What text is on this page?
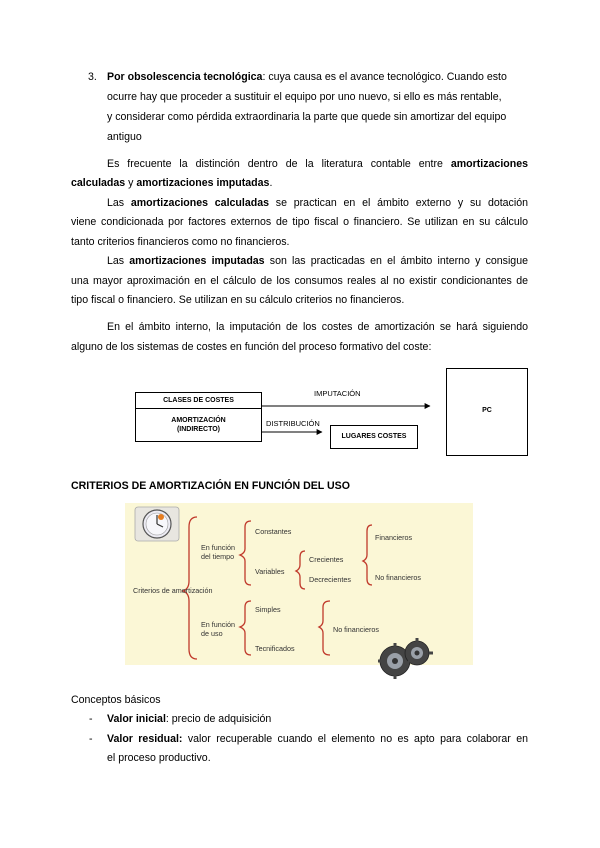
3. Por obsolescencia tecnológica: cuya causa es el avance tecnológico. Cuando esto
ocurre hay que proceder a sustituir el equipo por uno nuevo, si ello es más rentable,
y considerar como pérdida extraordinaria la parte que quede sin amortizar del equipo
antiguo
Es frecuente la distinción dentro de la literatura contable entre amortizaciones
calculadas y amortizaciones imputadas.
Las amortizaciones calculadas se practican en el ámbito externo y su dotación
viene condicionada por factores externos de tipo fiscal o financiero. Se utilizan en su cálculo
tanto criterios financieros como no financieros.
Las amortizaciones imputadas son las practicadas en el ámbito interno y consigue
una mayor aproximación en el cálculo de los consumos reales al no existir condicionantes de
tipo fiscal o financiero. Se utilizan en su cálculo criterios no financieros.
En el ámbito interno, la imputación de los costes de amortización se hará siguiendo
alguno de los sistemas de costes en función del proceso formativo del coste:
CLASES DE COSTES
AMORTIZACIÓN
(INDIRECTO)
IMPUTACIÓN
DISTRIBUCIÓN
LUGARES COSTES
PC
CRITERIOS DE AMORTIZACIÓN EN FUNCIÓN DEL USO
Criterios de amortización
En función del tiempo
Constantes
Variables
Crecientes
Decrecientes
Financieros
No financieros
En función de uso
Simples
Tecnificados
No financieros
Conceptos básicos
- Valor inicial: precio de adquisición
- Valor residual: valor recuperable cuando el elemento no es apto para colaborar en
el proceso productivo.
